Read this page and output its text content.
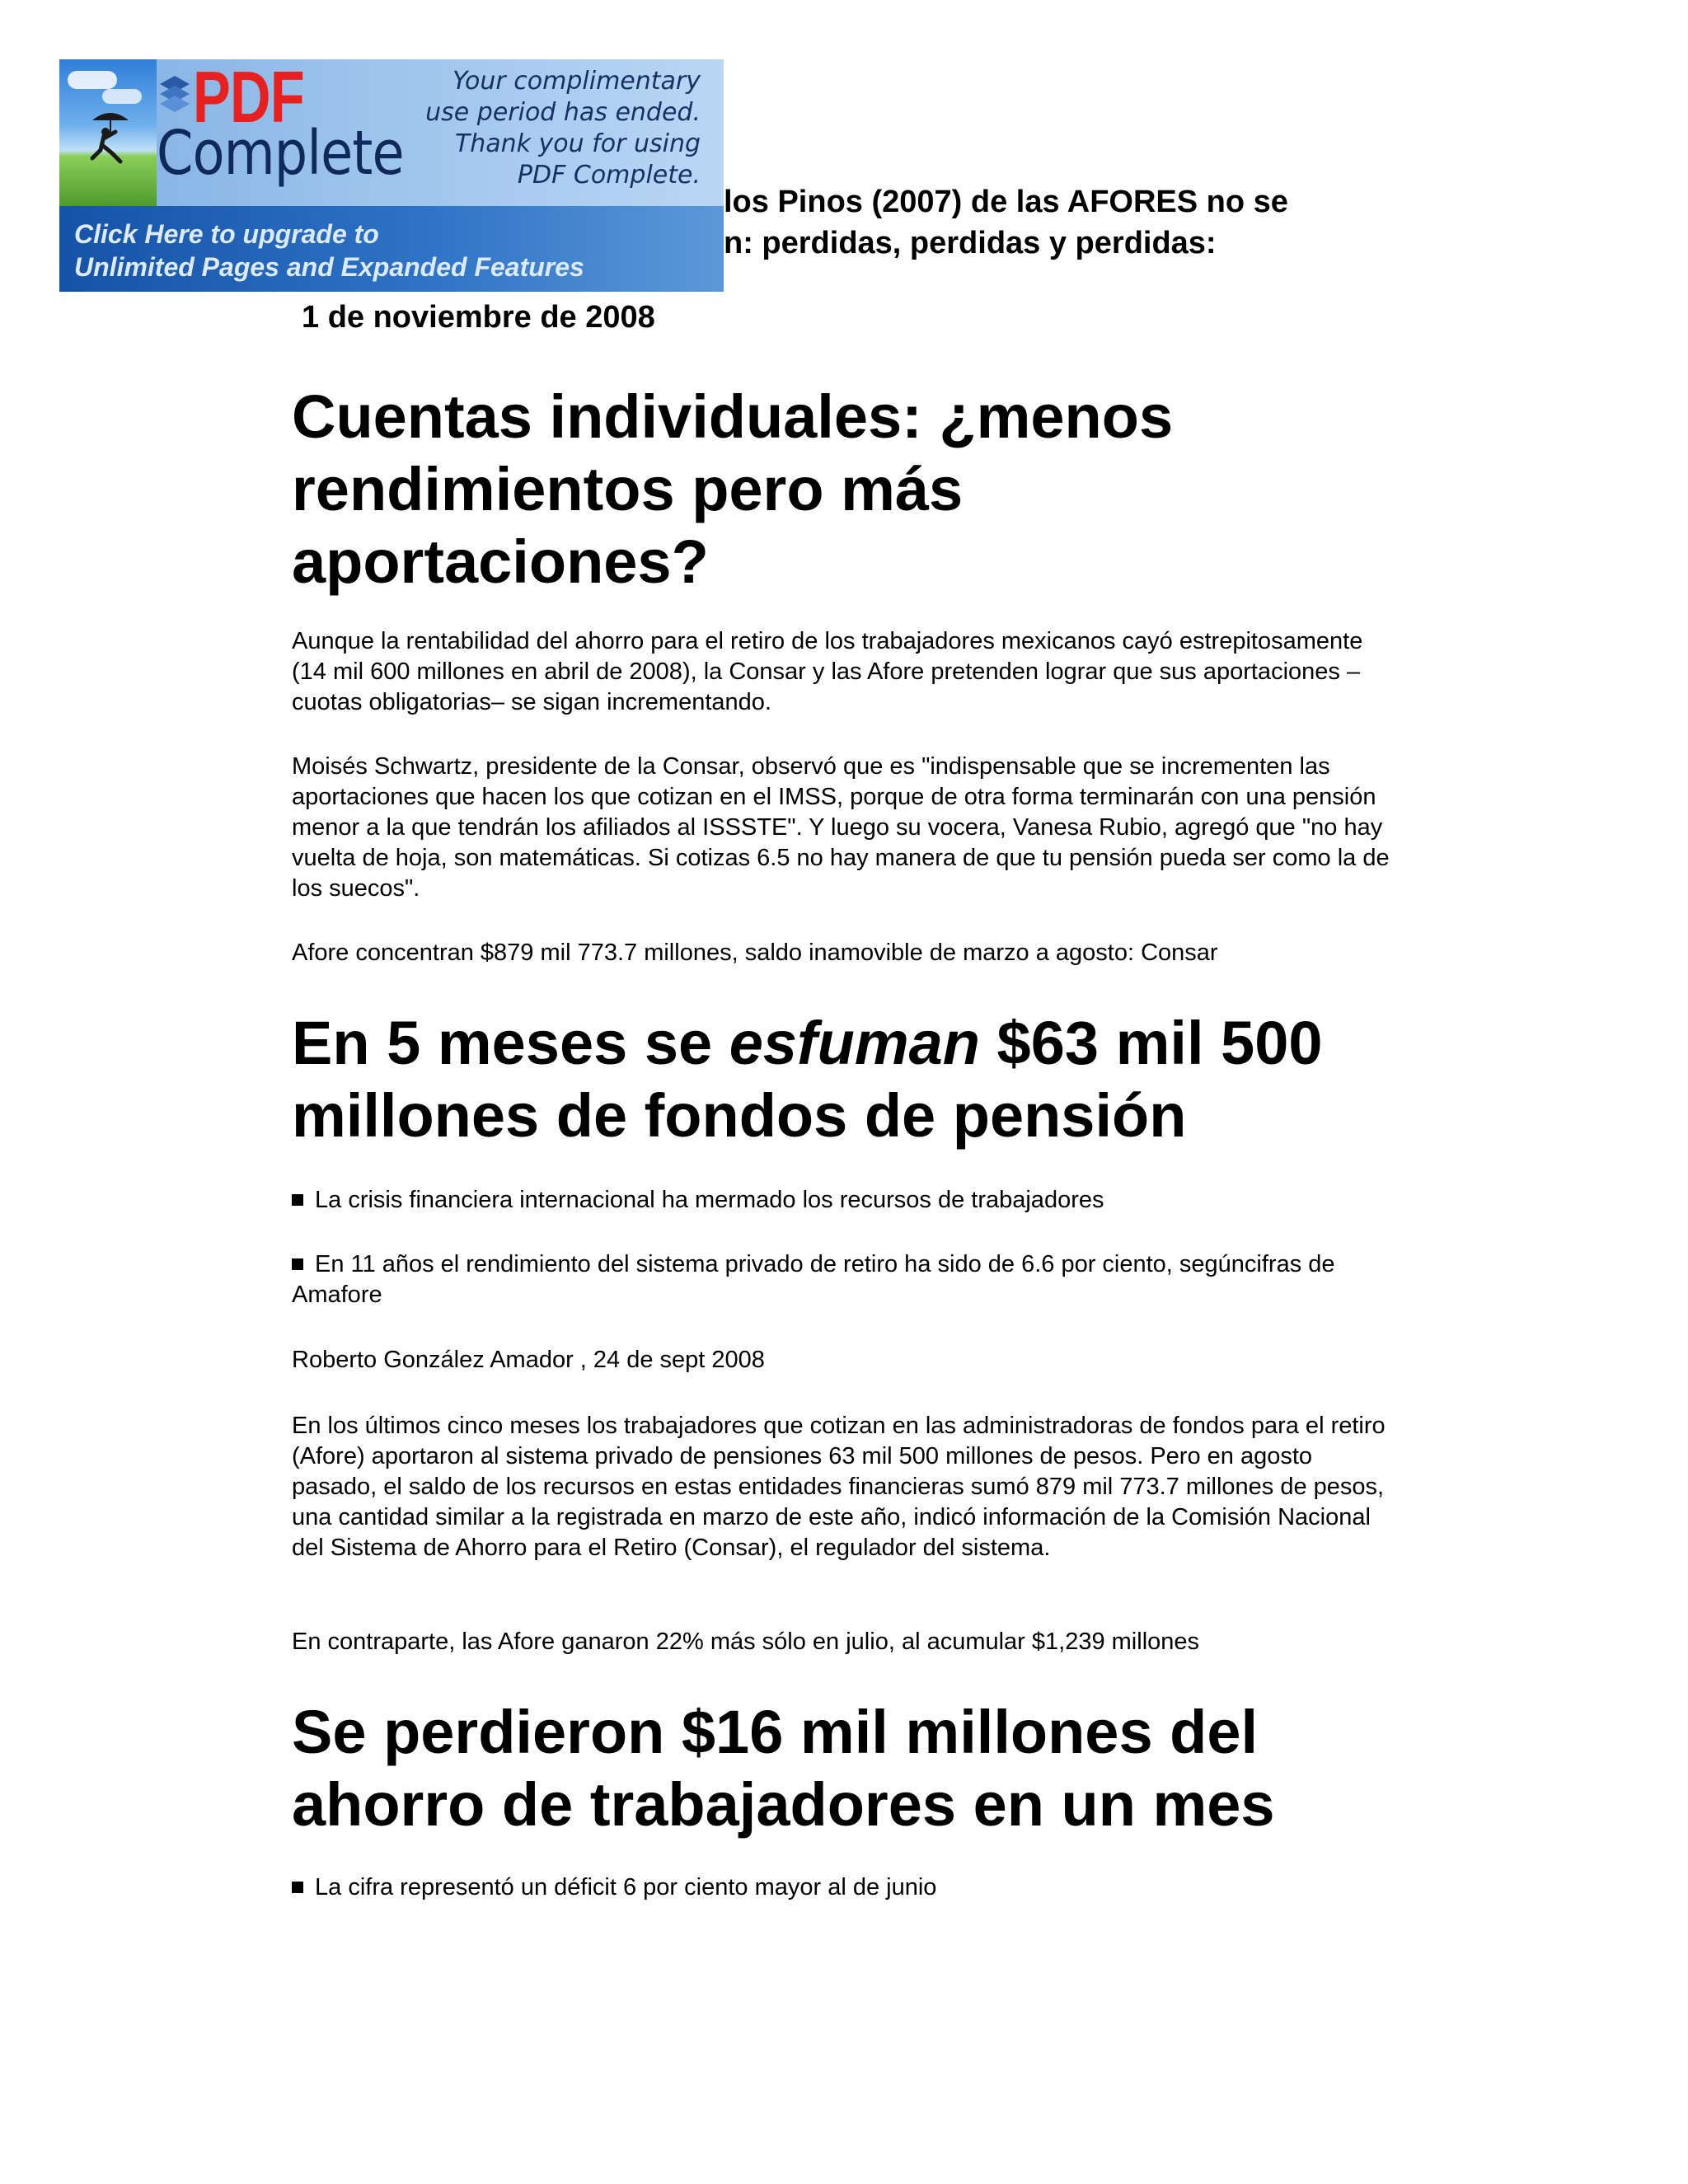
PDF
Complete
Your complimentary
use period has ended.
Thank you for using
PDF Complete.
Click Here to upgrade to
Unlimited Pages and Expanded Features
los Pinos (2007) de las AFORES no se
n: perdidas, perdidas y perdidas:
1 de noviembre de 2008
Cuentas individuales: ¿menos rendimientos pero más aportaciones?

Aunque la rentabilidad del ahorro para el retiro de los trabajadores mexicanos cayó estrepitosamente (14 mil 600 millones en abril de 2008), la Consar y las Afore pretenden lograr que sus aportaciones –cuotas obligatorias– se sigan incrementando.

Moisés Schwartz, presidente de la Consar, observó que es "indispensable que se incrementen las aportaciones que hacen los que cotizan en el IMSS, porque de otra forma terminarán con una pensión menor a la que tendrán los afiliados al ISSSTE". Y luego su vocera, Vanesa Rubio, agregó que "no hay vuelta de hoja, son matemáticas. Si cotizas 6.5 no hay manera de que tu pensión pueda ser como la de los suecos".

Afore concentran $879 mil 773.7 millones, saldo inamovible de marzo a agosto: Consar

En 5 meses se esfuman $63 mil 500 millones de fondos de pensión

La crisis financiera internacional ha mermado los recursos de trabajadores

En 11 años el rendimiento del sistema privado de retiro ha sido de 6.6 por ciento, segúncifras de Amafore

Roberto González Amador , 24 de sept 2008

En los últimos cinco meses los trabajadores que cotizan en las administradoras de fondos para el retiro (Afore) aportaron al sistema privado de pensiones 63 mil 500 millones de pesos. Pero en agosto pasado, el saldo de los recursos en estas entidades financieras sumó 879 mil 773.7 millones de pesos, una cantidad similar a la registrada en marzo de este año, indicó información de la Comisión Nacional del Sistema de Ahorro para el Retiro (Consar), el regulador del sistema.

En contraparte, las Afore ganaron 22% más sólo en julio, al acumular $1,239 millones

Se perdieron $16 mil millones del ahorro de trabajadores en un mes

La cifra representó un déficit 6 por ciento mayor al de junio
